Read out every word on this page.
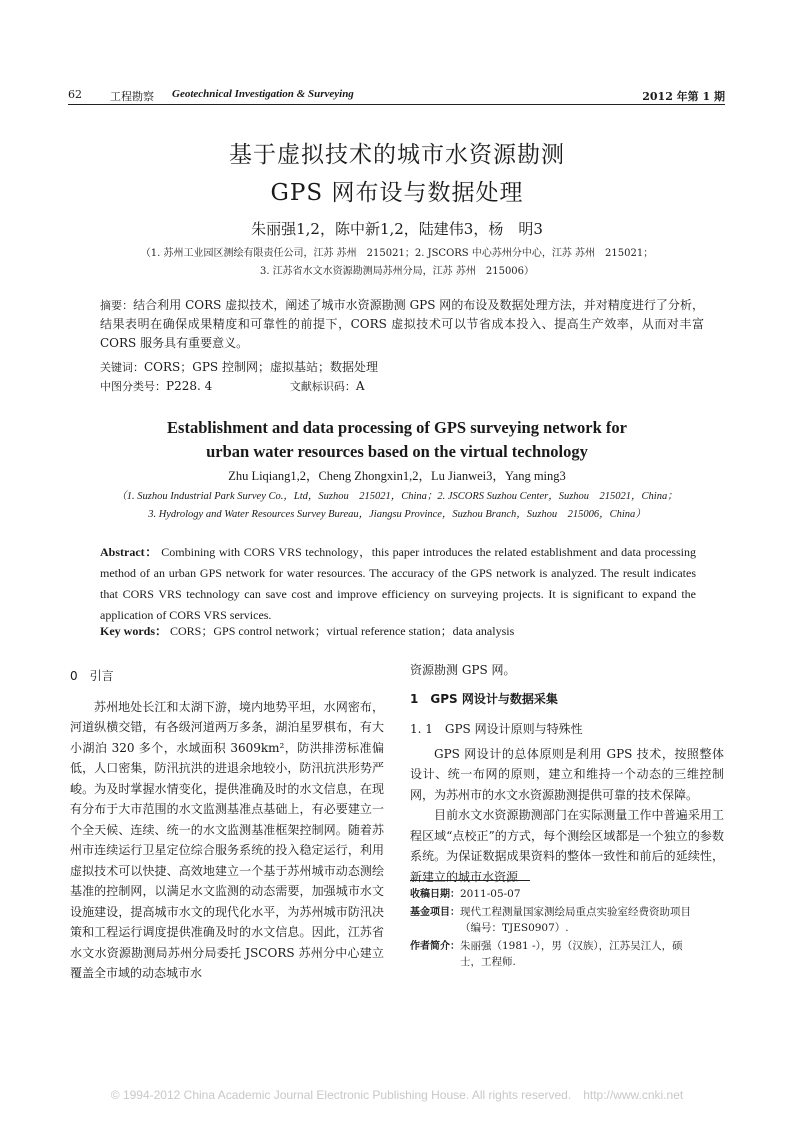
62	工程勘察 Geotechnical Investigation & Surveying	2012 年第 1 期
基于虚拟技术的城市水资源勘测
GPS 网布设与数据处理
朱丽强1,2，陈中新1,2，陆建伟3，杨　明3
（1. 苏州工业园区测绘有限责任公司，江苏 苏州　215021；2. JSCORS 中心苏州分中心，江苏 苏州　215021；
3. 江苏省水文水资源勘测局苏州分局，江苏 苏州　215006）
摘要：结合利用 CORS 虚拟技术，阐述了城市水资源勘测 GPS 网的布设及数据处理方法，并对精度进行了分析，结果表明在确保成果精度和可靠性的前提下，CORS 虚拟技术可以节省成本投入、提高生产效率，从而对丰富 CORS 服务具有重要意义。
关键词：CORS；GPS 控制网；虚拟基站；数据处理
中图分类号：P228. 4	文献标识码：A
Establishment and data processing of GPS surveying network for
urban water resources based on the virtual technology
Zhu Liqiang1,2，Cheng Zhongxin1,2，Lu Jianwei3，Yang ming3
（1. Suzhou Industrial Park Survey Co.，Ltd，Suzhou　215021，China；2. JSCORS Suzhou Center，Suzhou　215021，China；
3. Hydrology and Water Resources Survey Bureau，Jiangsu Province，Suzhou Branch，Suzhou　215006，China）
Abstract： Combining with CORS VRS technology，this paper introduces the related establishment and data processing method of an urban GPS network for water resources. The accuracy of the GPS network is analyzed. The result indicates that CORS VRS technology can save cost and improve efficiency on surveying projects. It is significant to expand the application of CORS VRS services.
Key words： CORS；GPS control network；virtual reference station；data analysis
0　引言

苏州地处长江和太湖下游，境内地势平坦，水网密布，河道纵横交错，有各级河道两万多条，湖泊星罗棋布，有大小湖泊 320 多个，水域面积 3609km²，防洪排涝标准偏低，人口密集，防汛抗洪的进退余地较小，防汛抗洪形势严峻。为及时掌握水情变化，提供准确及时的水文信息，在现有分布于大市范围的水文监测基准点基础上，有必要建立一个全天候、连续、统一的水文监测基准框架控制网。随着苏州市连续运行卫星定位综合服务系统的投入稳定运行，利用虚拟技术可以快捷、高效地建立一个基于苏州城市动态测绘基准的控制网，以满足水文监测的动态需要，加强城市水文设施建设，提高城市水文的现代化水平，为苏州城市防汛决策和工程运行调度提供准确及时的水文信息。因此，江苏省水文水资源勘测局苏州分局委托 JSCORS 苏州分中心建立覆盖全市域的动态城市水

资源勘测 GPS 网。

1　GPS 网设计与数据采集
1. 1　GPS 网设计原则与特殊性

GPS 网设计的总体原则是利用 GPS 技术，按照整体设计、统一布网的原则，建立和维持一个动态的三维控制网，为苏州市的水文水资源勘测提供可靠的技术保障。

目前水文水资源勘测部门在实际测量工作中普遍采用工程区域“点校正”的方式，每个测绘区域都是一个独立的参数系统。为保证数据成果资料的整体一致性和前后的延续性，新建立的城市水资源

收稿日期：2011-05-07
基金项目：现代工程测量国家测绘局重点实验室经费资助项目（编号：TJES0907）.
作者简介：朱丽强（1981 -），男（汉族），江苏吴江人，硕士，工程师.
© 1994-2012 China Academic Journal Electronic Publishing House. All rights reserved.　http://www.cnki.net
